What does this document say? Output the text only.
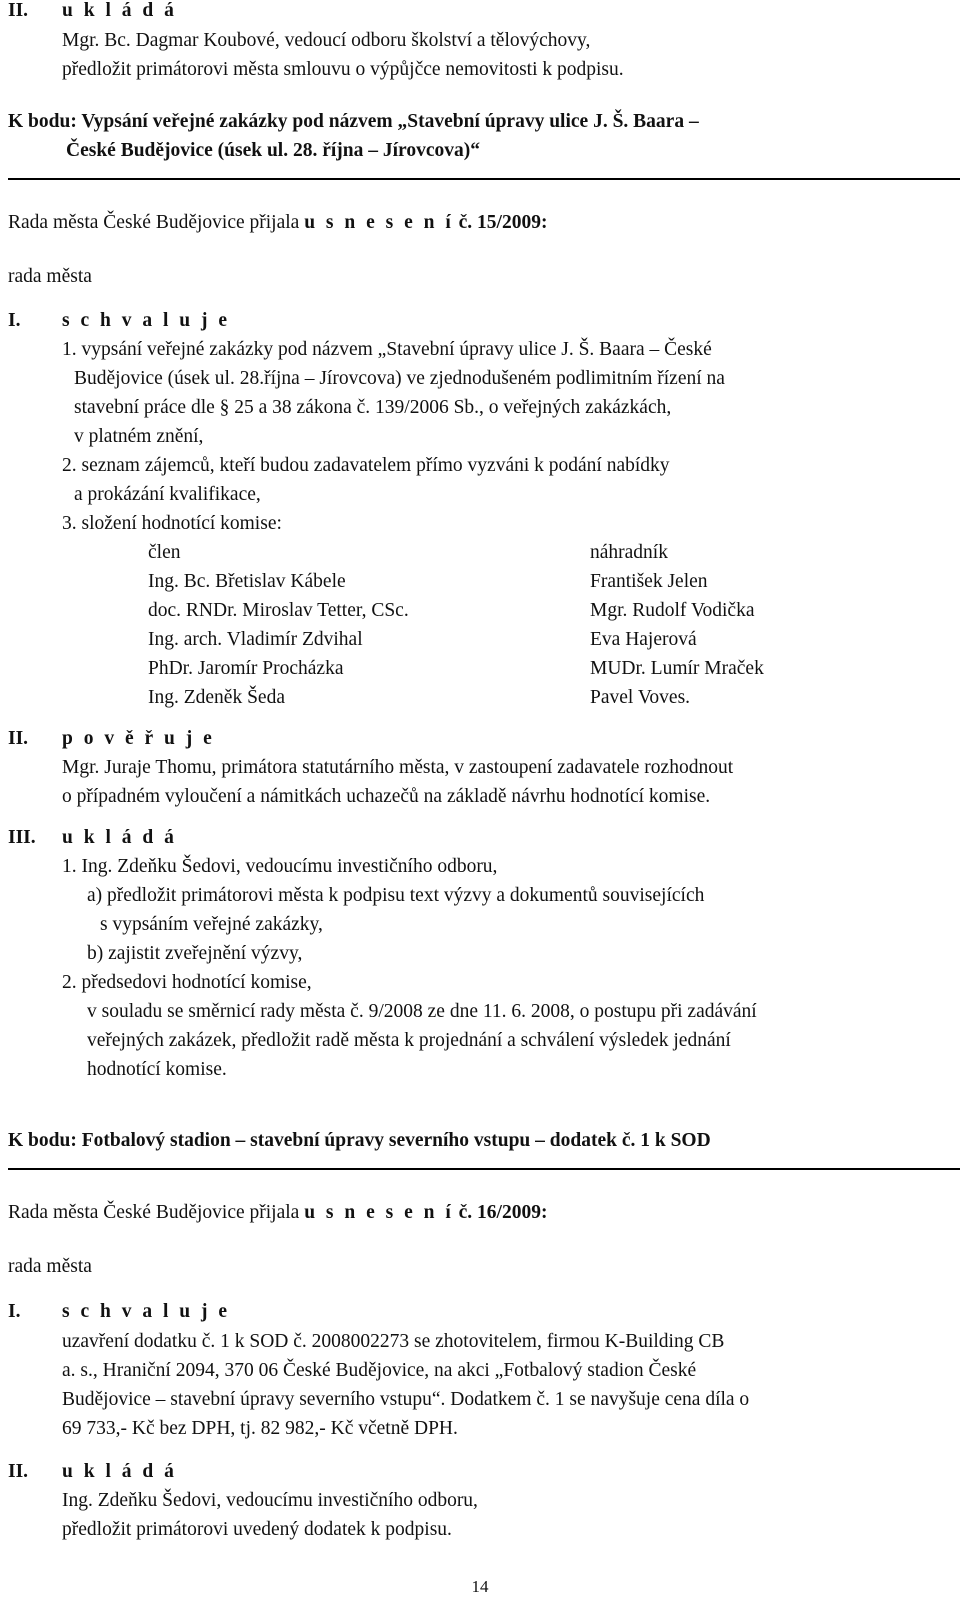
II. u k l á d á
Mgr. Bc. Dagmar Koubové, vedoucí odboru školství a tělovýchovy,
předložit primátorovi města smlouvu o výpůjčce nemovitosti k podpisu.
K bodu: Vypsání veřejné zakázky pod názvem „Stavební úpravy ulice J. Š. Baara –
České Budějovice (úsek ul. 28. října – Jírovcova)“
Rada města České Budějovice přijala u s n e s e n í č. 15/2009:
rada města
I. s c h v a l u j e
1. vypsání veřejné zakázky pod názvem „Stavební úpravy ulice J. Š. Baara – České
Budějovice (úsek ul. 28.října – Jírovcova) ve zjednodušeném podlimitním řízení na
stavební práce dle § 25 a 38 zákona č. 139/2006 Sb., o veřejných zakázkách,
v platném znění,
2. seznam zájemců, kteří budou zadavatelem přímo vyzváni k podání nabídky
a prokázání kvalifikace,
3. složení hodnotící komise:
člen	náhradník
Ing. Bc. Břetislav Kábele	František Jelen
doc. RNDr. Miroslav Tetter, CSc.	Mgr. Rudolf Vodička
Ing. arch. Vladimír Zdvihal	Eva Hajerová
PhDr. Jaromír Procházka	MUDr. Lumír Mraček
Ing. Zdeněk Šeda	Pavel Voves.
II. p o v ě ř u j e
Mgr. Juraje Thomu, primátora statutárního města, v zastoupení zadavatele rozhodnout
o případném vyloučení a námitkách uchazečů na základě návrhu hodnotící komise.
III. u k l á d á
1. Ing. Zdeňku Šedovi, vedoucímu investičního odboru,
a) předložit primátorovi města k podpisu text výzvy a dokumentů souvisejících
s vypsáním veřejné zakázky,
b) zajistit zveřejnění výzvy,
2. předsedovi hodnotící komise,
v souladu se směrnicí rady města č. 9/2008 ze dne 11. 6. 2008, o postupu při zadávání
veřejných zakázek, předložit radě města k projednání a schválení výsledek jednání
hodnotící komise.
K bodu: Fotbalový stadion – stavební úpravy severního vstupu – dodatek č. 1 k SOD
Rada města České Budějovice přijala u s n e s e n í č. 16/2009:
rada města
I. s c h v a l u j e
uzavření dodatku č. 1 k SOD č. 2008002273 se zhotovitelem, firmou K-Building CB
a. s., Hraniční 2094, 370 06 České Budějovice, na akci „Fotbalový stadion České
Budějovice – stavební úpravy severního vstupu“. Dodatkem č. 1 se navyšuje cena díla o
69 733,- Kč bez DPH, tj. 82 982,- Kč včetně DPH.
II. u k l á d á
Ing. Zdeňku Šedovi, vedoucímu investičního odboru,
předložit primátorovi uvedený dodatek k podpisu.
14
